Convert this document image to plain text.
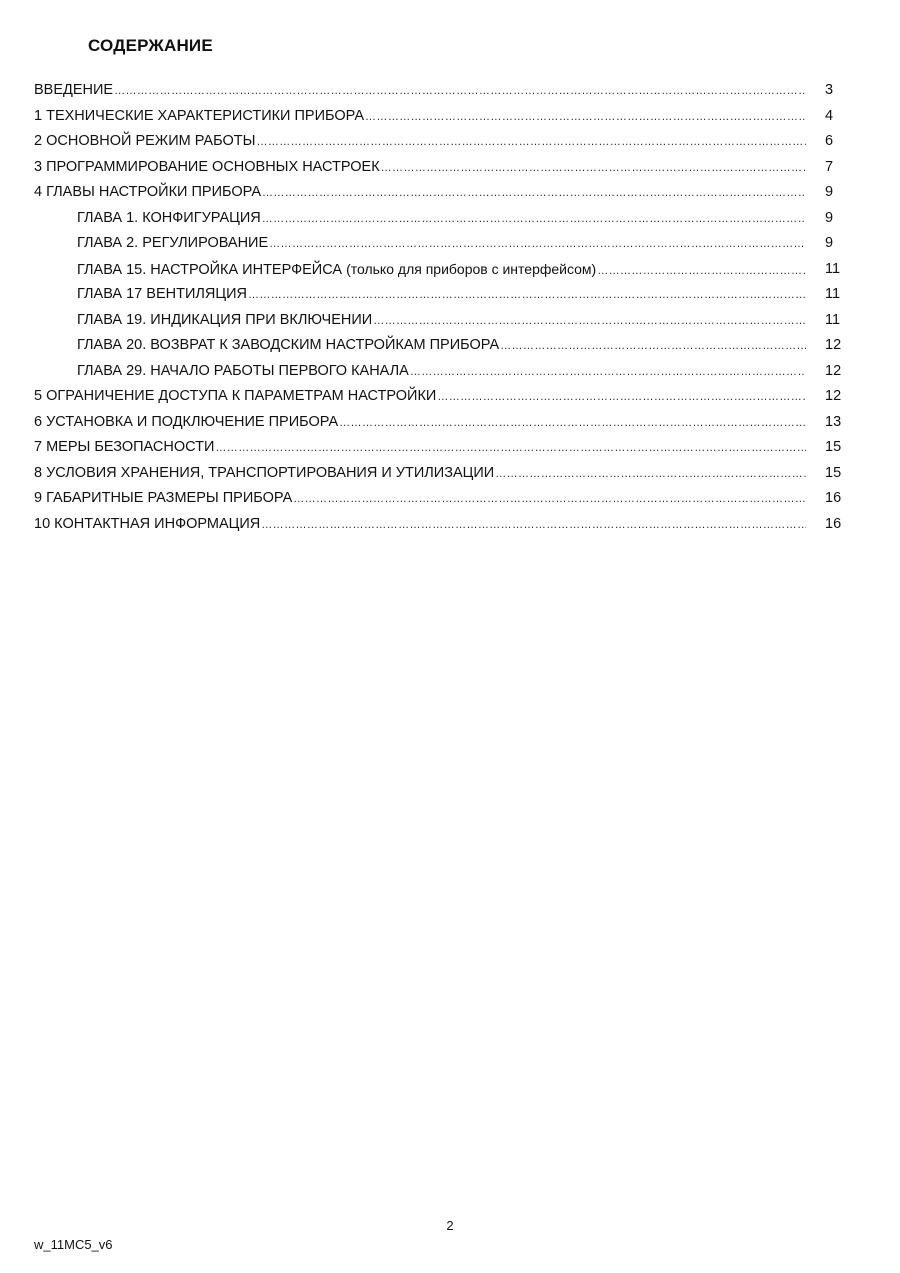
СОДЕРЖАНИЕ
ВВЕДЕНИЕ ……………………………………………………………………………………………………………………………………………………………………………………………………………………………………………………………………………………	3
1 ТЕХНИЧЕСКИЕ ХАРАКТЕРИСТИКИ ПРИБОРА ……………………………………………………………………………………………………………………………………………………………………………………………………………………………………………………………………………………	4
2 ОСНОВНОЙ РЕЖИМ РАБОТЫ ……………………………………………………………………………………………………………………………………………………………………………………………………………………………………………………………………………………	6
3 ПРОГРАММИРОВАНИЕ ОСНОВНЫХ НАСТРОЕК ……………………………………………………………………………………………………………………………………………………………………………………………………………………………………………………………………………………	7
4 ГЛАВЫ НАСТРОЙКИ ПРИБОРА ……………………………………………………………………………………………………………………………………………………………………………………………………………………………………………………………………………………	9
ГЛАВА 1. КОНФИГУРАЦИЯ ……………………………………………………………………………………………………………………………………………………………………………………………………………………………………………………………………………………	9
ГЛАВА 2. РЕГУЛИРОВАНИЕ ……………………………………………………………………………………………………………………………………………………………………………………………………………………………………………………………………………………	9
ГЛАВА 15. НАСТРОЙКА ИНТЕРФЕЙСА (только для приборов с интерфейсом) ……………………………………………………………………………………………………………………………………………………………………………………………………………………………………………………………………………………	11
ГЛАВА 17 ВЕНТИЛЯЦИЯ ……………………………………………………………………………………………………………………………………………………………………………………………………………………………………………………………………………………	11
ГЛАВА 19. ИНДИКАЦИЯ ПРИ ВКЛЮЧЕНИИ ……………………………………………………………………………………………………………………………………………………………………………………………………………………………………………………………………………………	11
ГЛАВА 20. ВОЗВРАТ К ЗАВОДСКИМ НАСТРОЙКАМ ПРИБОРА ……………………………………………………………………………………………………………………………………………………………………………………………………………………………………………………………………………………	12
ГЛАВА 29. НАЧАЛО РАБОТЫ ПЕРВОГО КАНАЛА ……………………………………………………………………………………………………………………………………………………………………………………………………………………………………………………………………………………	12
5 ОГРАНИЧЕНИЕ ДОСТУПА К ПАРАМЕТРАМ НАСТРОЙКИ ……………………………………………………………………………………………………………………………………………………………………………………………………………………………………………………………………………………	12
6 УСТАНОВКА И ПОДКЛЮЧЕНИЕ ПРИБОРА ……………………………………………………………………………………………………………………………………………………………………………………………………………………………………………………………………………………	13
7 МЕРЫ БЕЗОПАСНОСТИ ……………………………………………………………………………………………………………………………………………………………………………………………………………………………………………………………………………………	15
8 УСЛОВИЯ ХРАНЕНИЯ, ТРАНСПОРТИРОВАНИЯ И УТИЛИЗАЦИИ ……………………………………………………………………………………………………………………………………………………………………………………………………………………………………………………………………………………	15
9 ГАБАРИТНЫЕ РАЗМЕРЫ ПРИБОРА ……………………………………………………………………………………………………………………………………………………………………………………………………………………………………………………………………………………	16
10 КОНТАКТНАЯ ИНФОРМАЦИЯ ……………………………………………………………………………………………………………………………………………………………………………………………………………………………………………………………………………………	16
2
w_11MC5_v6
